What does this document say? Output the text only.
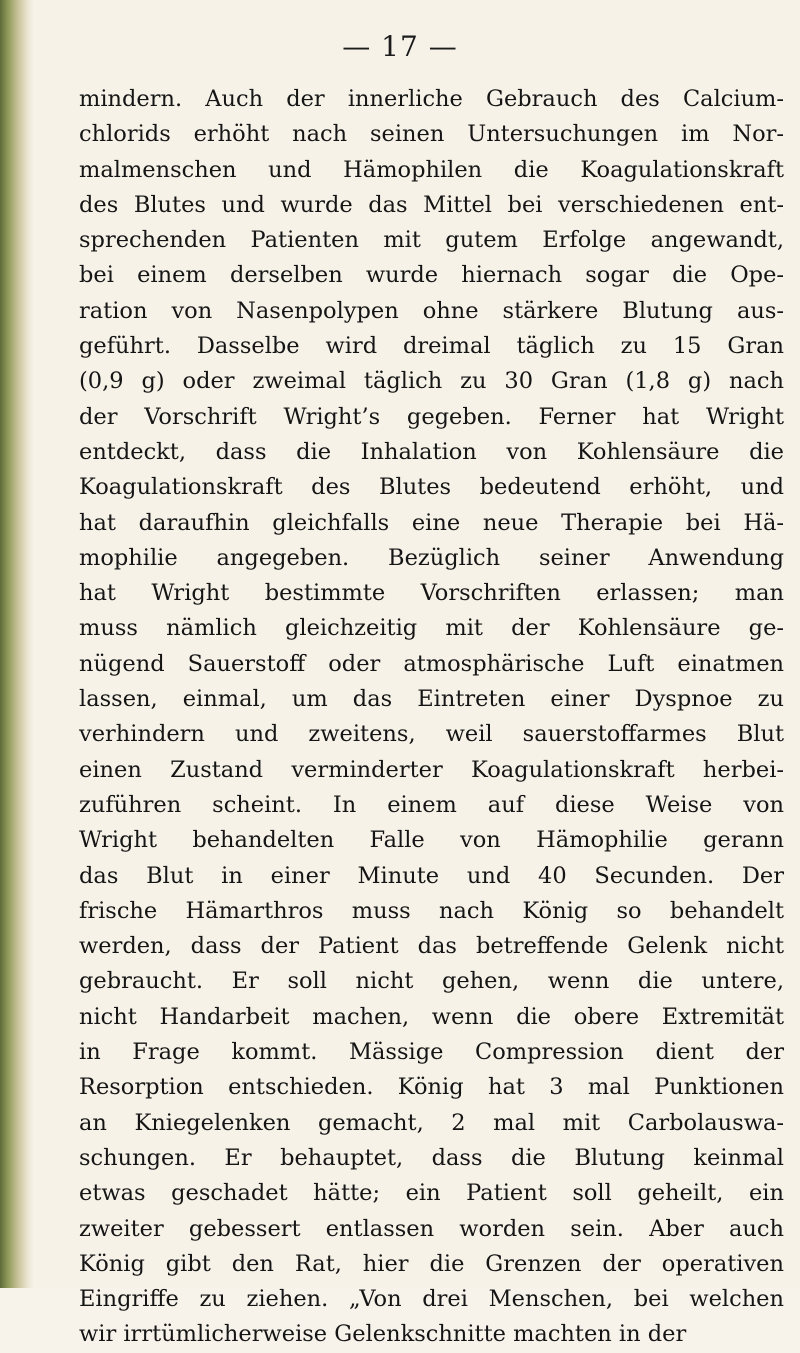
— 17 —
mindern. Auch der innerliche Gebrauch des Calcium-
chlorids erhöht nach seinen Untersuchungen im Nor-
malmenschen und Hämophilen die Koagulationskraft
des Blutes und wurde das Mittel bei verschiedenen ent-
sprechenden Patienten mit gutem Erfolge angewandt,
bei einem derselben wurde hiernach sogar die Ope-
ration von Nasenpolypen ohne stärkere Blutung aus-
geführt. Dasselbe wird dreimal täglich zu 15 Gran
(0,9 g) oder zweimal täglich zu 30 Gran (1,8 g) nach
der Vorschrift Wright’s gegeben. Ferner hat Wright
entdeckt, dass die Inhalation von Kohlensäure die
Koagulationskraft des Blutes bedeutend erhöht, und
hat daraufhin gleichfalls eine neue Therapie bei Hä-
mophilie angegeben. Bezüglich seiner Anwendung
hat Wright bestimmte Vorschriften erlassen; man
muss nämlich gleichzeitig mit der Kohlensäure ge-
nügend Sauerstoff oder atmosphärische Luft einatmen
lassen, einmal, um das Eintreten einer Dyspnoe zu
verhindern und zweitens, weil sauerstoffarmes Blut
einen Zustand verminderter Koagulationskraft herbei-
zuführen scheint. In einem auf diese Weise von
Wright behandelten Falle von Hämophilie gerann
das Blut in einer Minute und 40 Secunden. Der
frische Hämarthros muss nach König so behandelt
werden, dass der Patient das betreffende Gelenk nicht
gebraucht. Er soll nicht gehen, wenn die untere,
nicht Handarbeit machen, wenn die obere Extremität
in Frage kommt. Mässige Compression dient der
Resorption entschieden. König hat 3 mal Punktionen
an Kniegelenken gemacht, 2 mal mit Carbolauswa-
schungen. Er behauptet, dass die Blutung keinmal
etwas geschadet hätte; ein Patient soll geheilt, ein
zweiter gebessert entlassen worden sein. Aber auch
König gibt den Rat, hier die Grenzen der operativen
Eingriffe zu ziehen. „Von drei Menschen, bei welchen
wir irrtümlicherweise Gelenkschnitte machten in der
